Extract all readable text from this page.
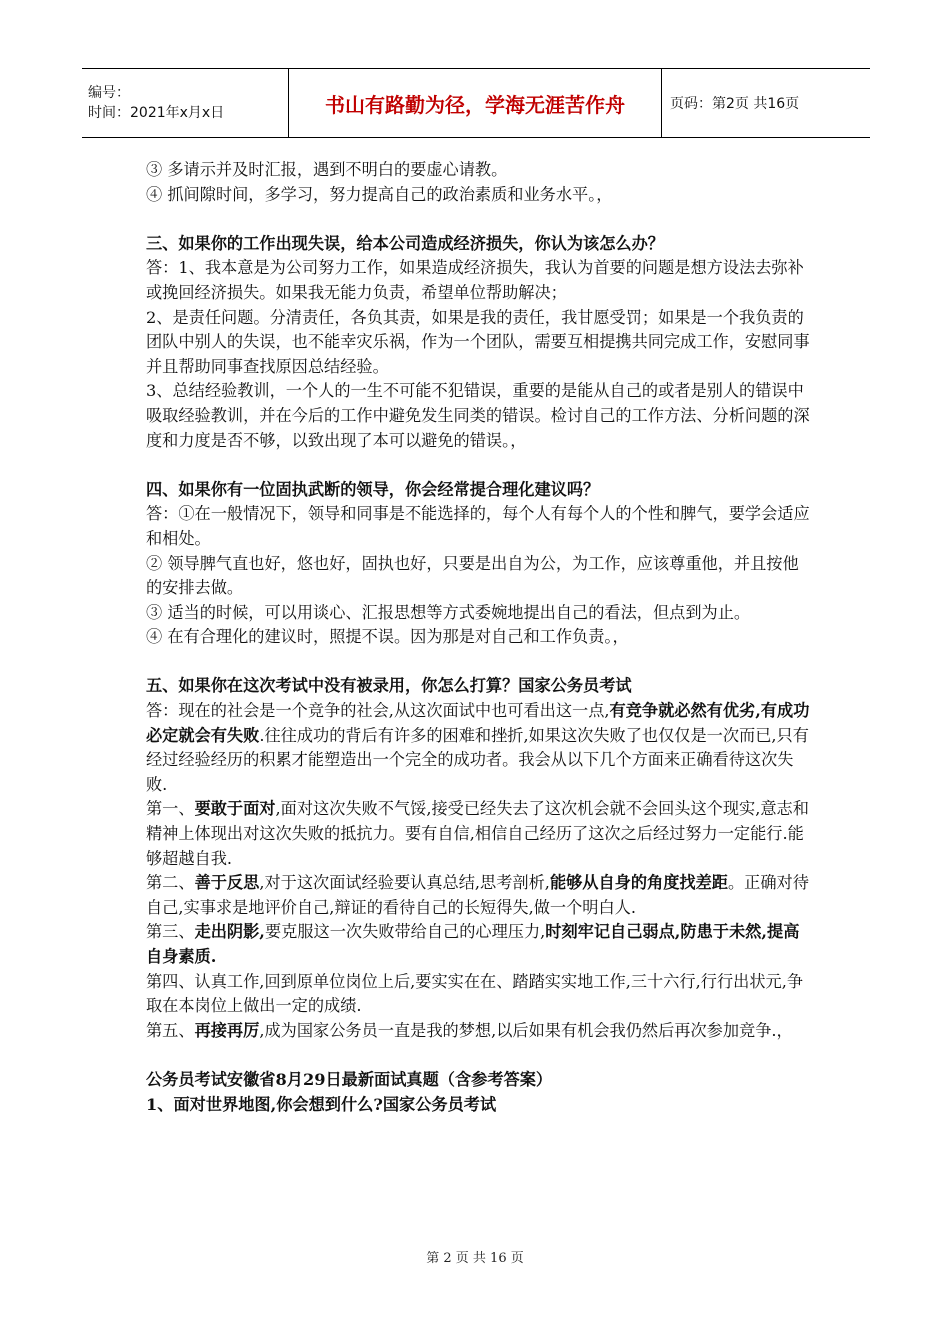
编号：
时间：2021年x月x日	书山有路勤为径，学海无涯苦作舟	页码：第2页 共16页

③ 多请示并及时汇报，遇到不明白的要虚心请教。

④ 抓间隙时间，多学习，努力提高自己的政治素质和业务水平。，

三、如果你的工作出现失误，给本公司造成经济损失，你认为该怎么办？

答：1、我本意是为公司努力工作，如果造成经济损失，我认为首要的问题是想方设法去弥补或挽回经济损失。如果我无能力负责，希望单位帮助解决；

2、是责任问题。分清责任，各负其责，如果是我的责任，我甘愿受罚；如果是一个我负责的团队中别人的失误，也不能幸灾乐祸，作为一个团队，需要互相提携共同完成工作，安慰同事并且帮助同事查找原因总结经验。

3、总结经验教训，一个人的一生不可能不犯错误，重要的是能从自己的或者是别人的错误中吸取经验教训，并在今后的工作中避免发生同类的错误。检讨自己的工作方法、分析问题的深度和力度是否不够，以致出现了本可以避免的错误。，

四、如果你有一位固执武断的领导，你会经常提合理化建议吗？

答：①在一般情况下，领导和同事是不能选择的，每个人有每个人的个性和脾气，要学会适应和相处。

② 领导脾气直也好，悠也好，固执也好，只要是出自为公，为工作，应该尊重他，并且按他的安排去做。

③ 适当的时候，可以用谈心、汇报思想等方式委婉地提出自己的看法，但点到为止。

④ 在有合理化的建议时，照提不误。因为那是对自己和工作负责。，

五、如果你在这次考试中没有被录用，你怎么打算？国家公务员考试

答：现在的社会是一个竞争的社会,从这次面试中也可看出这一点,有竞争就必然有优劣,有成功必定就会有失败.往往成功的背后有许多的困难和挫折,如果这次失败了也仅仅是一次而已,只有经过经验经历的积累才能塑造出一个完全的成功者。我会从以下几个方面来正确看待这次失败.

第一、要敢于面对,面对这次失败不气馁,接受已经失去了这次机会就不会回头这个现实,意志和精神上体现出对这次失败的抵抗力。要有自信,相信自己经历了这次之后经过努力一定能行.能够超越自我.

第二、善于反思,对于这次面试经验要认真总结,思考剖析,能够从自身的角度找差距。正确对待自己,实事求是地评价自己,辩证的看待自己的长短得失,做一个明白人.

第三、走出阴影,要克服这一次失败带给自己的心理压力,时刻牢记自己弱点,防患于未然,提高自身素质.

第四、认真工作,回到原单位岗位上后,要实实在在、踏踏实实地工作,三十六行,行行出状元,争取在本岗位上做出一定的成绩.

第五、再接再厉,成为国家公务员一直是我的梦想,以后如果有机会我仍然后再次参加竞争.，

公务员考试安徽省8月29日最新面试真题（含参考答案）

1、面对世界地图,你会想到什么?国家公务员考试

第 2 页 共 16 页
